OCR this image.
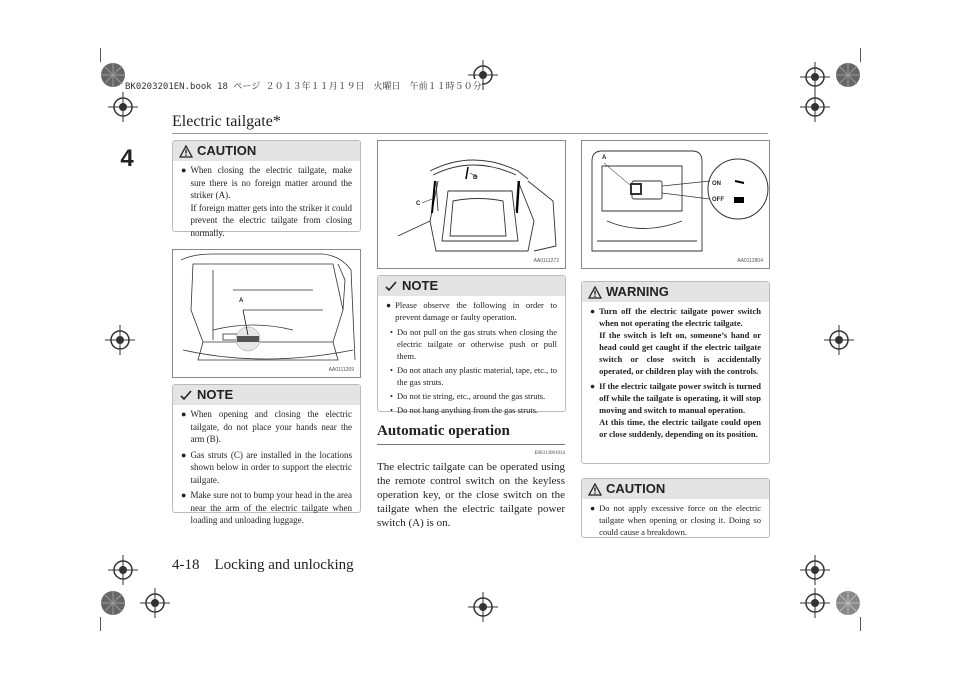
BK0203201EN.book 18 ページ ２０１３年１１月１９日　火曜日　午前１１時５０分
Electric tailgate*
4
4-18    Locking and unlocking
CAUTION
● When closing the electric tailgate, make sure there is no foreign matter around the striker (A).
If foreign matter gets into the striker it could prevent the electric tailgate from closing normally.
A
AA0111269
NOTE
● When opening and closing the electric tailgate, do not place your hands near the arm (B).
● Gas struts (C) are installed in the locations shown below in order to support the electric tailgate.
● Make sure not to bump your head in the area near the arm of the electric tailgate when loading and unloading luggage.
B
C
AA0111272
NOTE
● Please observe the following in order to prevent damage or faulty operation.
• Do not pull on the gas struts when closing the electric tailgate or otherwise push or pull them.
• Do not attach any plastic material, tape, etc., to the gas struts.
• Do not tie string, etc., around the gas struts.
• Do not hang anything from the gas struts.
Automatic operation
E00313001034
The electric tailgate can be operated using the remote control switch on the keyless operation key, or the close switch on the tailgate when the electric tailgate power switch (A) is on.
A
ON
OFF
AA0112804
WARNING
● Turn off the electric tailgate power switch when not operating the electric tailgate.
If the switch is left on, someone’s hand or head could get caught if the electric tailgate switch or close switch is accidentally operated, or children play with the controls.
● If the electric tailgate power switch is turned off while the tailgate is operating, it will stop moving and switch to manual operation.
At this time, the electric tailgate could open or close suddenly, depending on its position.
CAUTION
● Do not apply excessive force on the electric tailgate when opening or closing it. Doing so could cause a breakdown.
